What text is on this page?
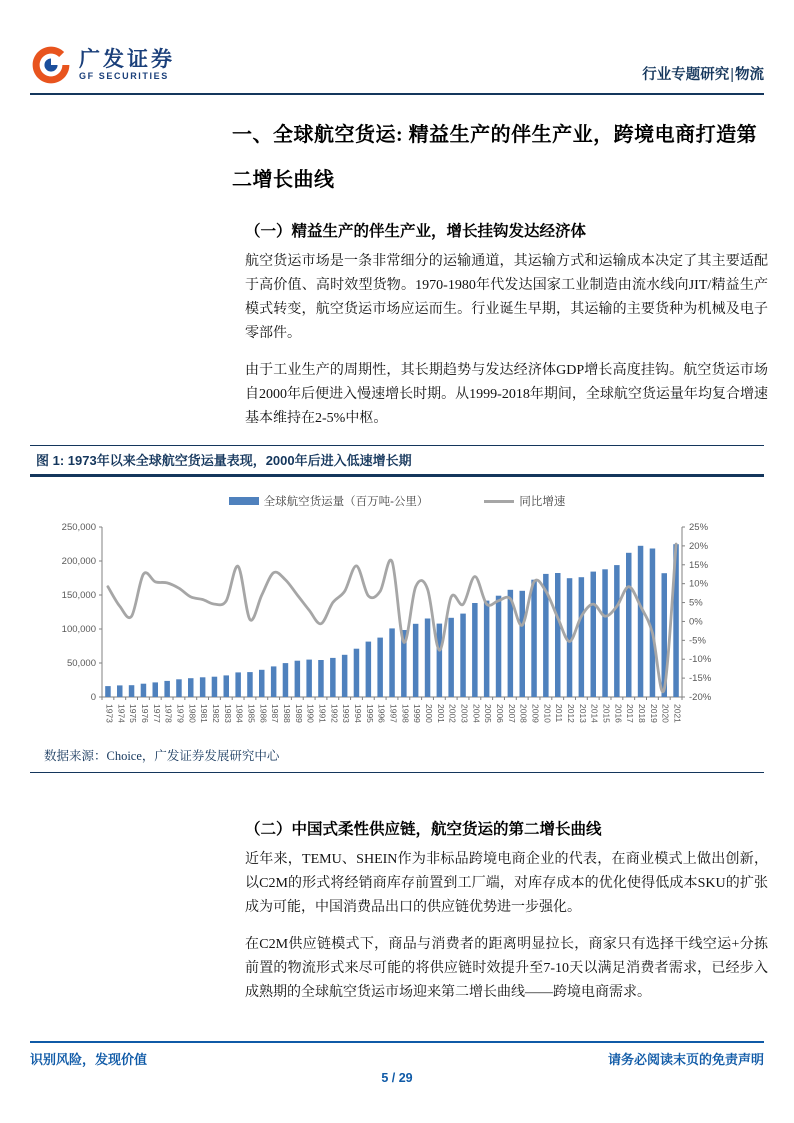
广发证券
GF SECURITIES	行业专题研究|物流
一、全球航空货运: 精益生产的伴生产业，跨境电商打造第二增长曲线
（一）精益生产的伴生产业，增长挂钩发达经济体

航空货运市场是一条非常细分的运输通道，其运输方式和运输成本决定了其主要适配于高价值、高时效型货物。1970-1980年代发达国家工业制造由流水线向JIT/精益生产模式转变，航空货运市场应运而生。行业诞生早期，其运输的主要货种为机械及电子零部件。

由于工业生产的周期性，其长期趋势与发达经济体GDP增长高度挂钩。航空货运市场自2000年后便进入慢速增长时期。从1999-2018年期间，全球航空货运量年均复合增速基本维持在2-5%中枢。

图 1: 1973年以来全球航空货运量表现，2000年后进入低速增长期
全球航空货运量（百万吨-公里）	同比增速
0
50,000
100,000
150,000
200,000
250,000
-20%
-15%
-10%
-5%
0%
5%
10%
15%
20%
25%
1973 1974 1975 1976 1977 1978 1979 1980 1981 1982 1983 1984 1985 1986 1987 1988 1989 1990 1991 1992 1993 1994 1995 1996 1997 1998 1999 2000 2001 2002 2003 2004 2005 2006 2007 2008 2009 2010 2011 2012 2013 2014 2015 2016 2017 2018 2019 2020 2021
数据来源：Choice，广发证券发展研究中心
（二）中国式柔性供应链，航空货运的第二增长曲线

近年来，TEMU、SHEIN作为非标品跨境电商企业的代表，在商业模式上做出创新，以C2M的形式将经销商库存前置到工厂端，对库存成本的优化使得低成本SKU的扩张成为可能，中国消费品出口的供应链优势进一步强化。

在C2M供应链模式下，商品与消费者的距离明显拉长，商家只有选择干线空运+分拣前置的物流形式来尽可能的将供应链时效提升至7-10天以满足消费者需求，已经步入成熟期的全球航空货运市场迎来第二增长曲线——跨境电商需求。

识别风险，发现价值	请务必阅读末页的免责声明
5 / 29
